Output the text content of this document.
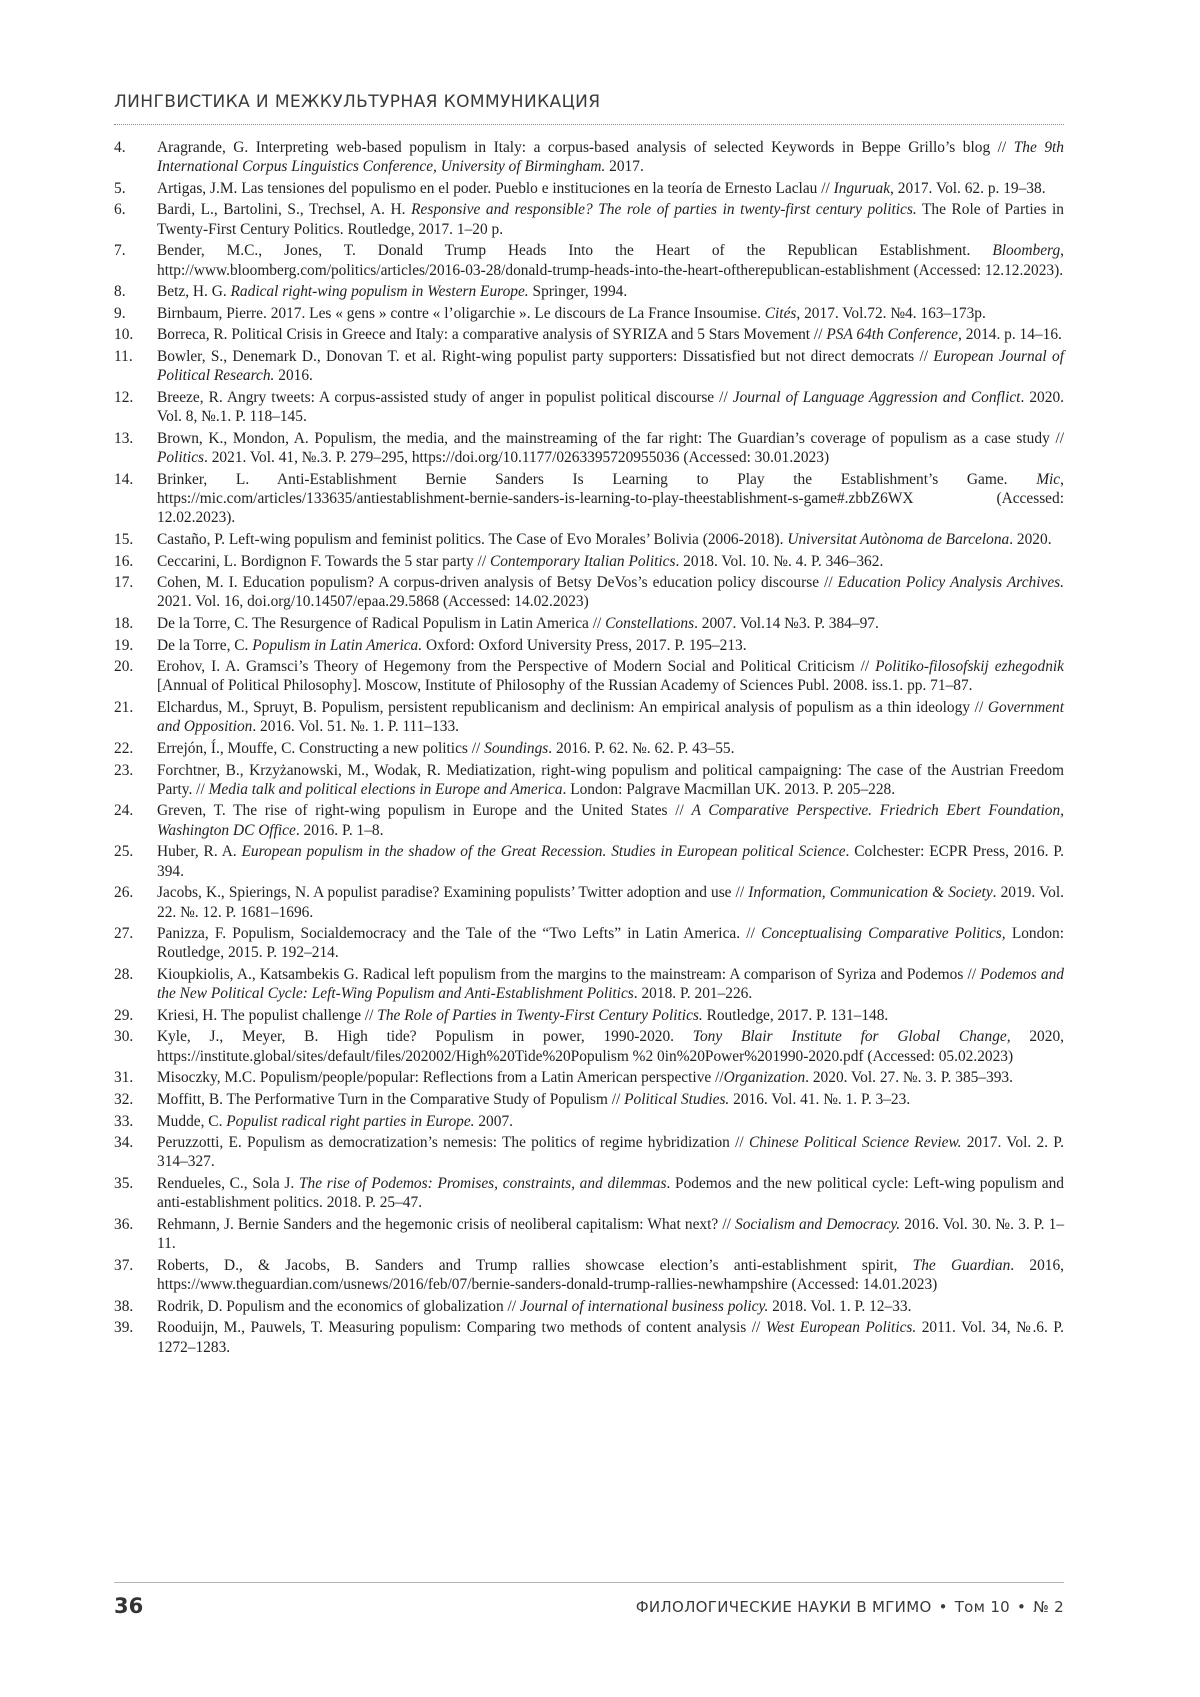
ЛИНГВИСТИКА И МЕЖКУЛЬТУРНАЯ КОММУНИКАЦИЯ
4.	Aragrande, G. Interpreting web-based populism in Italy: a corpus-based analysis of selected Keywords in Beppe Grillo’s blog // The 9th International Corpus Linguistics Conference, University of Birmingham. 2017.
5.	Artigas, J.M. Las tensiones del populismo en el poder. Pueblo e instituciones en la teoría de Ernesto Laclau // Inguruak, 2017. Vol. 62. p. 19–38.
6.	Bardi, L., Bartolini, S., Trechsel, A. H. Responsive and responsible? The role of parties in twenty-first century politics. The Role of Parties in Twenty-First Century Politics. Routledge, 2017. 1–20 p.
7.	Bender, M.C., Jones, T. Donald Trump Heads Into the Heart of the Republican Establishment. Bloomberg, http://www.bloomberg.com/politics/articles/2016-03-28/donald-trump-heads-into-the-heart-oftherepublican-establishment (Accessed: 12.12.2023).
8.	Betz, H. G. Radical right-wing populism in Western Europe. Springer, 1994.
9.	Birnbaum, Pierre. 2017. Les « gens » contre « l’oligarchie ». Le discours de La France Insoumise. Cités, 2017. Vol.72. №4. 163–173p.
10.	Borreca, R. Political Crisis in Greece and Italy: a comparative analysis of SYRIZA and 5 Stars Movement // PSA 64th Conference, 2014. p. 14–16.
11.	Bowler, S., Denemark D., Donovan T. et al. Right-wing populist party supporters: Dissatisfied but not direct democrats // European Journal of Political Research. 2016.
12.	Breeze, R. Angry tweets: A corpus-assisted study of anger in populist political discourse // Journal of Language Aggression and Conflict. 2020. Vol. 8, №.1. P. 118–145.
13.	Brown, K., Mondon, A. Populism, the media, and the mainstreaming of the far right: The Guardian’s coverage of populism as a case study // Politics. 2021. Vol. 41, №.3. P. 279–295, https://doi.org/10.1177/0263395720955036 (Accessed: 30.01.2023)
14.	Brinker, L. Anti-Establishment Bernie Sanders Is Learning to Play the Establishment’s Game. Mic, https://mic.com/articles/133635/antiestablishment-bernie-sanders-is-learning-to-play-theestablishment-s-game#.zbbZ6WX (Accessed: 12.02.2023).
15.	Castaño, P. Left-wing populism and feminist politics. The Case of Evo Morales’ Bolivia (2006-2018). Universitat Autònoma de Barcelona. 2020.
16.	Ceccarini, L. Bordignon F. Towards the 5 star party // Contemporary Italian Politics. 2018. Vol. 10. №. 4. P. 346–362.
17.	Cohen, M. I. Education populism? A corpus-driven analysis of Betsy DeVos’s education policy discourse // Education Policy Analysis Archives. 2021. Vol. 16, doi.org/10.14507/epaa.29.5868 (Accessed: 14.02.2023)
18.	De la Torre, C. The Resurgence of Radical Populism in Latin America // Constellations. 2007. Vol.14 №3. P. 384–97.
19.	De la Torre, C. Populism in Latin America. Oxford: Oxford University Press, 2017. P. 195–213.
20.	Erohov, I. A. Gramsci’s Theory of Hegemony from the Perspective of Modern Social and Political Criticism // Politiko-filosofskij ezhegodnik [Annual of Political Philosophy]. Moscow, Institute of Philosophy of the Russian Academy of Sciences Publ. 2008. iss.1. pp. 71–87.
21.	Elchardus, M., Spruyt, B. Populism, persistent republicanism and declinism: An empirical analysis of populism as a thin ideology // Government and Opposition. 2016. Vol. 51. №. 1. P. 111–133.
22.	Errejón, Í., Mouffe, C. Constructing a new politics // Soundings. 2016. P. 62. №. 62. P. 43–55.
23.	Forchtner, B., Krzyżanowski, M., Wodak, R. Mediatization, right-wing populism and political campaigning: The case of the Austrian Freedom Party. // Media talk and political elections in Europe and America. London: Palgrave Macmillan UK. 2013. P. 205–228.
24.	Greven, T. The rise of right-wing populism in Europe and the United States // A Comparative Perspective. Friedrich Ebert Foundation, Washington DC Office. 2016. P. 1–8.
25.	Huber, R. A. European populism in the shadow of the Great Recession. Studies in European political Science. Colchester: ECPR Press, 2016. P. 394.
26.	Jacobs, K., Spierings, N. A populist paradise? Examining populists’ Twitter adoption and use // Information, Communication & Society. 2019. Vol. 22. №. 12. P. 1681–1696.
27.	Panizza, F. Populism, Socialdemocracy and the Tale of the “Two Lefts” in Latin America. // Conceptualising Comparative Politics, London: Routledge, 2015. P. 192–214.
28.	Kioupkiolis, A., Katsambekis G. Radical left populism from the margins to the mainstream: A comparison of Syriza and Podemos // Podemos and the New Political Cycle: Left-Wing Populism and Anti-Establishment Politics. 2018. P. 201–226.
29.	Kriesi, H. The populist challenge // The Role of Parties in Twenty-First Century Politics. Routledge, 2017. P. 131–148.
30.	Kyle, J., Meyer, B. High tide? Populism in power, 1990-2020. Tony Blair Institute for Global Change, 2020, https://institute.global/sites/default/files/202002/High%20Tide%20Populism %2 0in%20Power%201990-2020.pdf (Accessed: 05.02.2023)
31.	Misoczky, M.C. Populism/people/popular: Reflections from a Latin American perspective //Organization. 2020. Vol. 27. №. 3. P. 385–393.
32.	Moffitt, B. The Performative Turn in the Comparative Study of Populism // Political Studies. 2016. Vol. 41. №. 1. P. 3–23.
33.	Mudde, C. Populist radical right parties in Europe. 2007.
34.	Peruzzotti, E. Populism as democratization’s nemesis: The politics of regime hybridization // Chinese Political Science Review. 2017. Vol. 2. P. 314–327.
35.	Rendueles, C., Sola J. The rise of Podemos: Promises, constraints, and dilemmas. Podemos and the new political cycle: Left-wing populism and anti-establishment politics. 2018. P. 25–47.
36.	Rehmann, J. Bernie Sanders and the hegemonic crisis of neoliberal capitalism: What next? // Socialism and Democracy. 2016. Vol. 30. №. 3. P. 1–11.
37.	Roberts, D., & Jacobs, B. Sanders and Trump rallies showcase election’s anti-establishment spirit, The Guardian. 2016, https://www.theguardian.com/usnews/2016/feb/07/bernie-sanders-donald-trump-rallies-newhampshire (Accessed: 14.01.2023)
38.	Rodrik, D. Populism and the economics of globalization // Journal of international business policy. 2018. Vol. 1. P. 12–33.
39.	Rooduijn, M., Pauwels, T. Measuring populism: Comparing two methods of content analysis // West European Politics. 2011. Vol. 34, №.6. P. 1272–1283.
36	ФИЛОЛОГИЧЕСКИЕ НАУКИ В МГИМО • Том 10 • № 2
